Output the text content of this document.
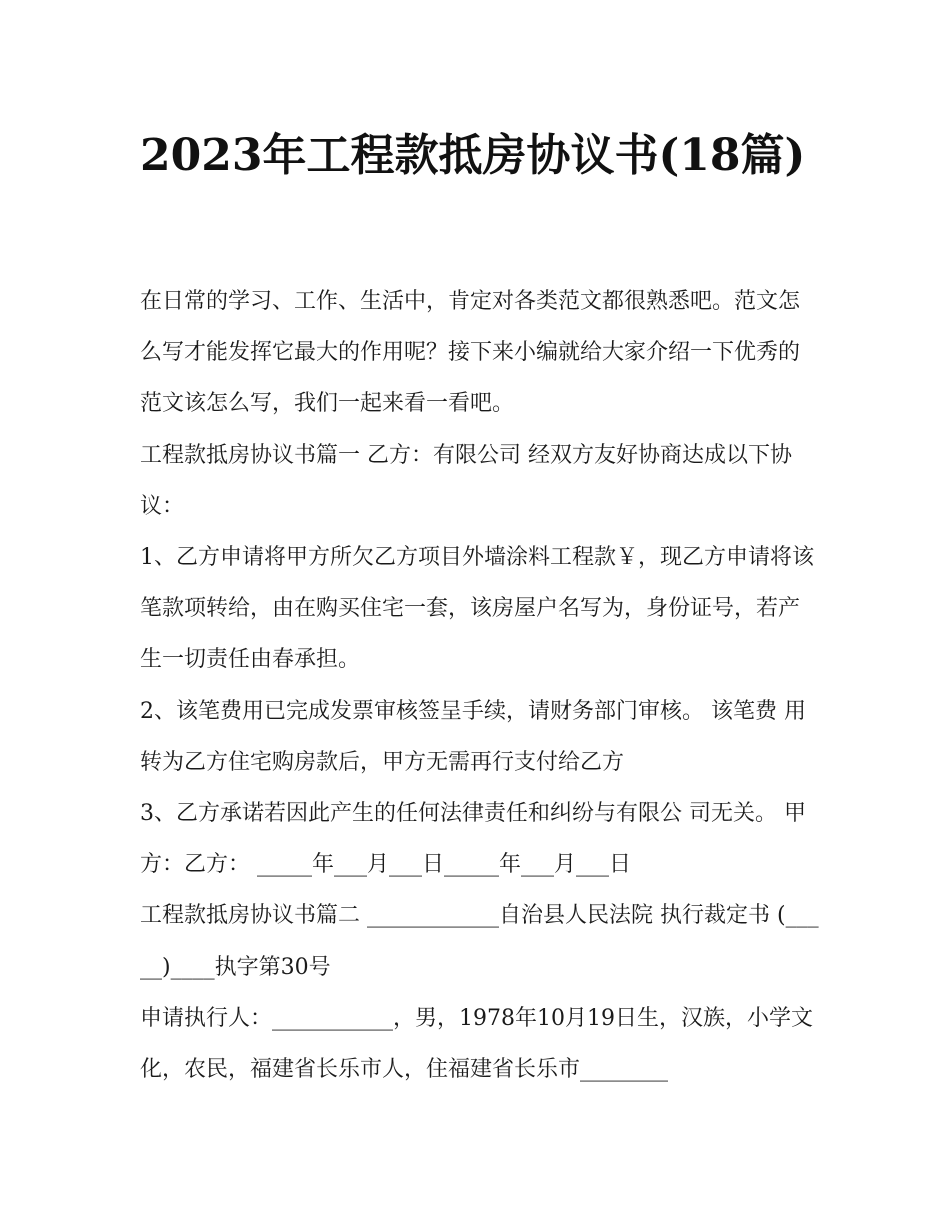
2023年工程款抵房协议书(18篇)

在日常的学习、工作、生活中，肯定对各类范文都很熟悉吧。范文怎么写才能发挥它最大的作用呢？接下来小编就给大家介绍一下优秀的范文该怎么写，我们一起来看一看吧。

工程款抵房协议书篇一 乙方：有限公司 经双方友好协商达成以下协议：

1、乙方申请将甲方所欠乙方项目外墙涂料工程款￥，现乙方申请将该笔款项转给，由在购买住宅一套，该房屋户名写为，身份证号，若产生一切责任由春承担。

2、该笔费用已完成发票审核签呈手续，请财务部门审核。 该笔费 用转为乙方住宅购房款后，甲方无需再行支付给乙方

3、乙方承诺若因此产生的任何法律责任和纠纷与有限公 司无关。 甲方：乙方： _____年___月___日_____年___月___日

工程款抵房协议书篇二 ____________自治县人民法院 执行裁定书 (_____)____执字第30号

申请执行人：___________，男，1978年10月19日生，汉族，小学文化，农民，福建省长乐市人，住福建省长乐市________
